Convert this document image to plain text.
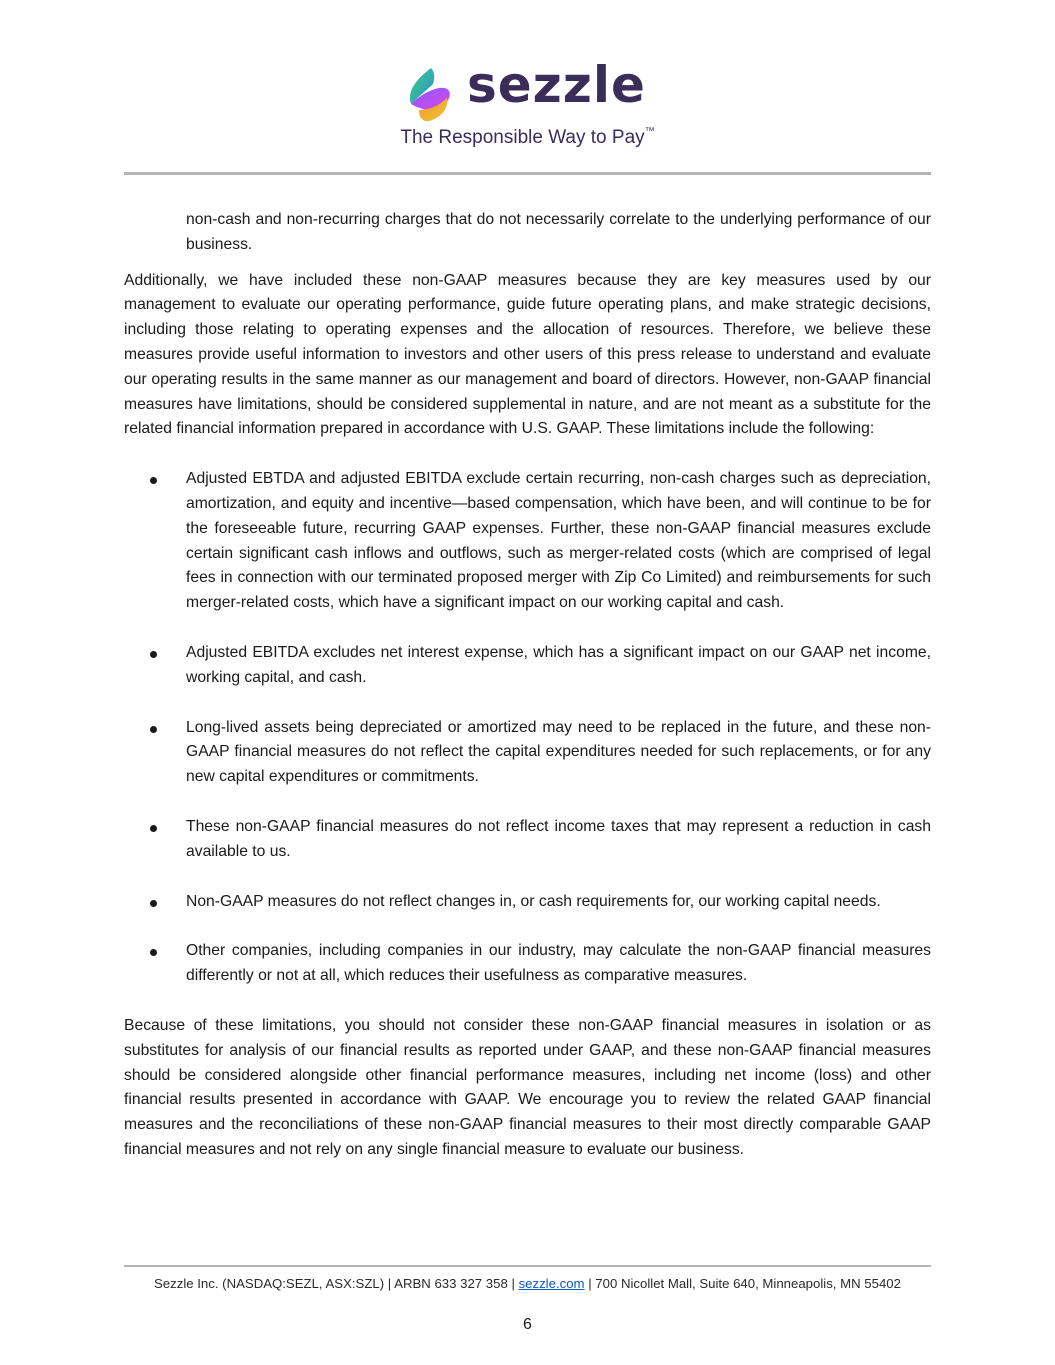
sezzle
The Responsible Way to Pay™

non-cash and non-recurring charges that do not necessarily correlate to the underlying performance of our business.

Additionally, we have included these non-GAAP measures because they are key measures used by our management to evaluate our operating performance, guide future operating plans, and make strategic decisions, including those relating to operating expenses and the allocation of resources. Therefore, we believe these measures provide useful information to investors and other users of this press release to understand and evaluate our operating results in the same manner as our management and board of directors. However, non-GAAP financial measures have limitations, should be considered supplemental in nature, and are not meant as a substitute for the related financial information prepared in accordance with U.S. GAAP. These limitations include the following:

Adjusted EBTDA and adjusted EBITDA exclude certain recurring, non-cash charges such as depreciation, amortization, and equity and incentive—based compensation, which have been, and will continue to be for the foreseeable future, recurring GAAP expenses. Further, these non-GAAP financial measures exclude certain significant cash inflows and outflows, such as merger-related costs (which are comprised of legal fees in connection with our terminated proposed merger with Zip Co Limited) and reimbursements for such merger-related costs, which have a significant impact on our working capital and cash.
Adjusted EBITDA excludes net interest expense, which has a significant impact on our GAAP net income, working capital, and cash.
Long-lived assets being depreciated or amortized may need to be replaced in the future, and these non-GAAP financial measures do not reflect the capital expenditures needed for such replacements, or for any new capital expenditures or commitments.
These non-GAAP financial measures do not reflect income taxes that may represent a reduction in cash available to us.
Non-GAAP measures do not reflect changes in, or cash requirements for, our working capital needs.
Other companies, including companies in our industry, may calculate the non-GAAP financial measures differently or not at all, which reduces their usefulness as comparative measures.

Because of these limitations, you should not consider these non-GAAP financial measures in isolation or as substitutes for analysis of our financial results as reported under GAAP, and these non-GAAP financial measures should be considered alongside other financial performance measures, including net income (loss) and other financial results presented in accordance with GAAP. We encourage you to review the related GAAP financial measures and the reconciliations of these non-GAAP financial measures to their most directly comparable GAAP financial measures and not rely on any single financial measure to evaluate our business.

Sezzle Inc. (NASDAQ:SEZL, ASX:SZL) | ARBN 633 327 358 | sezzle.com | 700 Nicollet Mall, Suite 640, Minneapolis, MN 55402
6
